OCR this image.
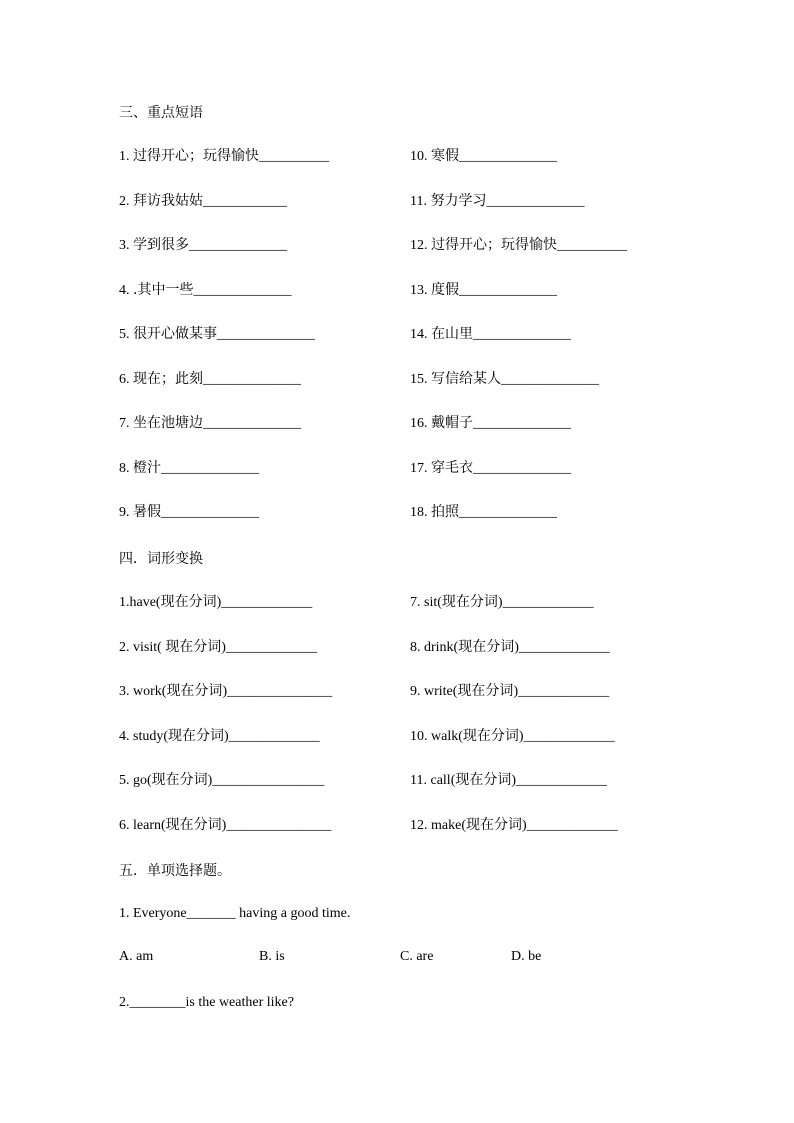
三、重点短语
1. 过得开心；玩得愉快__________	10. 寒假______________
2. 拜访我姑姑____________	11. 努力学习______________
3. 学到很多______________	12. 过得开心；玩得愉快__________
4. .其中一些______________	13. 度假______________
5. 很开心做某事______________	14. 在山里______________
6. 现在；此刻______________	15. 写信给某人______________
7. 坐在池塘边______________	16. 戴帽子______________
8. 橙汁______________	17. 穿毛衣______________
9. 暑假______________	18. 拍照______________
四．词形变换
1.have(现在分词)_____________	7. sit(现在分词)_____________
2. visit( 现在分词)_____________	8. drink(现在分词)_____________
3. work(现在分词)_______________	9. write(现在分词)_____________
4. study(现在分词)_____________	10. walk(现在分词)_____________
5. go(现在分词)________________	11. call(现在分词)_____________
6. learn(现在分词)_______________	12. make(现在分词)_____________
五．单项选择题。
1. Everyone_______ having a good time.
A. am	B. is	C. are	D. be
2.________is the weather like?
